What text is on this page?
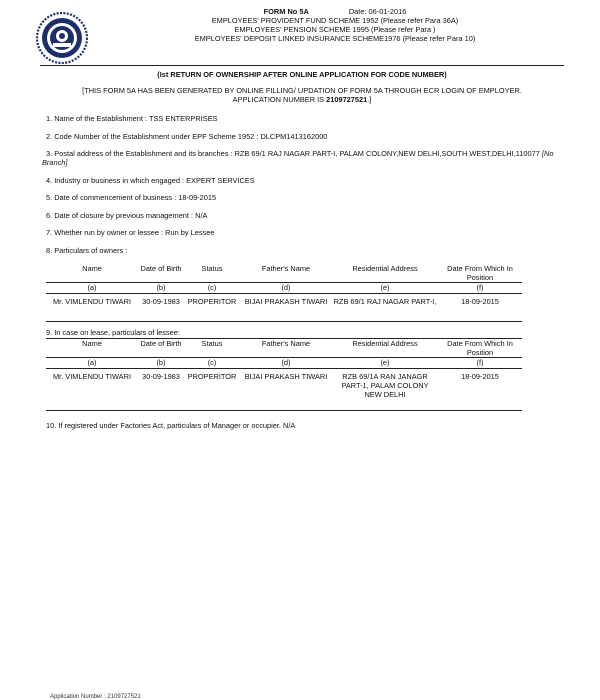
FORM No 5A	Date: 06-01-2016
EMPLOYEES' PROVIDENT FUND SCHEME 1952 (Please refer Para 36A)
EMPLOYEES' PENSION SCHEME 1995 (Please refer Para )
EMPLOYEES' DEPOSIT LINKED INSURANCE SCHEME1976 (Please refer Para 10)
(Ist RETURN OF OWNERSHIP AFTER ONLINE APPLICATION FOR CODE NUMBER)
[THIS FORM 5A HAS BEEN GENERATED BY ONLINE FILLING/ UPDATION OF FORM 5A THROUGH ECR LOGIN OF EMPLOYER.
APPLICATION NUMBER IS 2109727521.]
1. Name of the Establishment : TSS ENTERPRISES
2. Code Number of the Establishment under EPF Scheme 1952 : DLCPM1413162000
3. Postal address of the Establishment and its branches : RZB 69/1 RAJ NAGAR PART-I, PALAM COLONY,NEW DELHI,SOUTH WEST,DELHI,110077 [No Branch]
4. Industry or business in which engaged : EXPERT SERVICES
5. Date of commencement of business : 18-09-2015
6. Date of closure by previous management : N/A
7. Whether run by owner or lessee : Run by Lessee
8. Particulars of owners :
Name	Date of Birth	Status	Father's Name	Residential Address	Date From Which In Position
(a)	(b)	(c)	(d)	(e)	(f)
Mr. VIMLENDU TIWARI	30-09-1983	PROPERITOR	BIJAI PRAKASH TIWARI	RZB 69/1 RAJ NAGAR PART-I,	18-09-2015
9. In case on lease, particulars of lessee:
Name	Date of Birth	Status	Father's Name	Residential Address	Date From Which In Position
(a)	(b)	(c)	(d)	(e)	(f)
Mr. VIMLENDU TIWARI	30-09-1983	PROPERITOR	BIJAI PRAKASH TIWARI	RZB 69/1A RAN JANAGR PART-1, PALAM COLONY NEW DELHI	18-09-2015
10. If registered under Factories Act, particulars of Manager or occupier. N/A
Application Number : 2109727521
